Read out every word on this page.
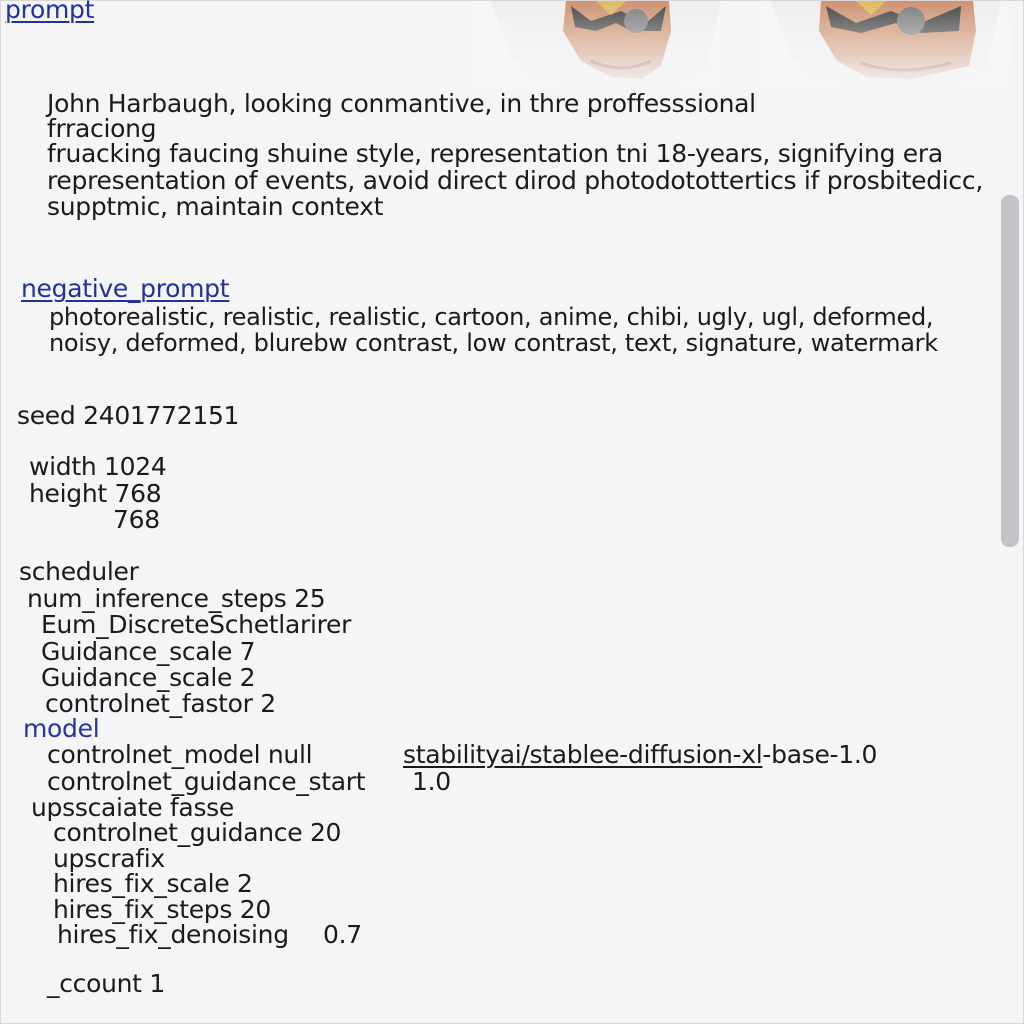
prompt
John Harbaugh, looking conmantive, in thre proffesssional
frracionɡ
fruacking faucing shuine style, representation tni 18-years, signifying era
representation of events, avoid direct dirod photodotottertics if prosbitedicc,
supptmic, maintain context
negative_prompt
photorealistic, realistic, realistic, cartoon, anime, chibi, ugly, ugl, deformed,
noisy, deformed, blurebw contrast, low contrast, text, signature, watermark
seed 2401772151
width 1024
height 768
768
scheduler
num_inference_steps 25
Eum_DiscreteSchetlarirer
Guidance_scale 7
Guidance_scale 2
controlnet_fastor 2
model
controlnet_model null	stabilityai/stablee-diffusion-xl-base-1.0
controlnet_guidance_start 1.0
upsscaiate fasse
controlnet_guidance 20
upscrafix
hires_fix_scale 2
hires_fix_steps 20
hires_fix_denoising 0.7
_ccount 1
